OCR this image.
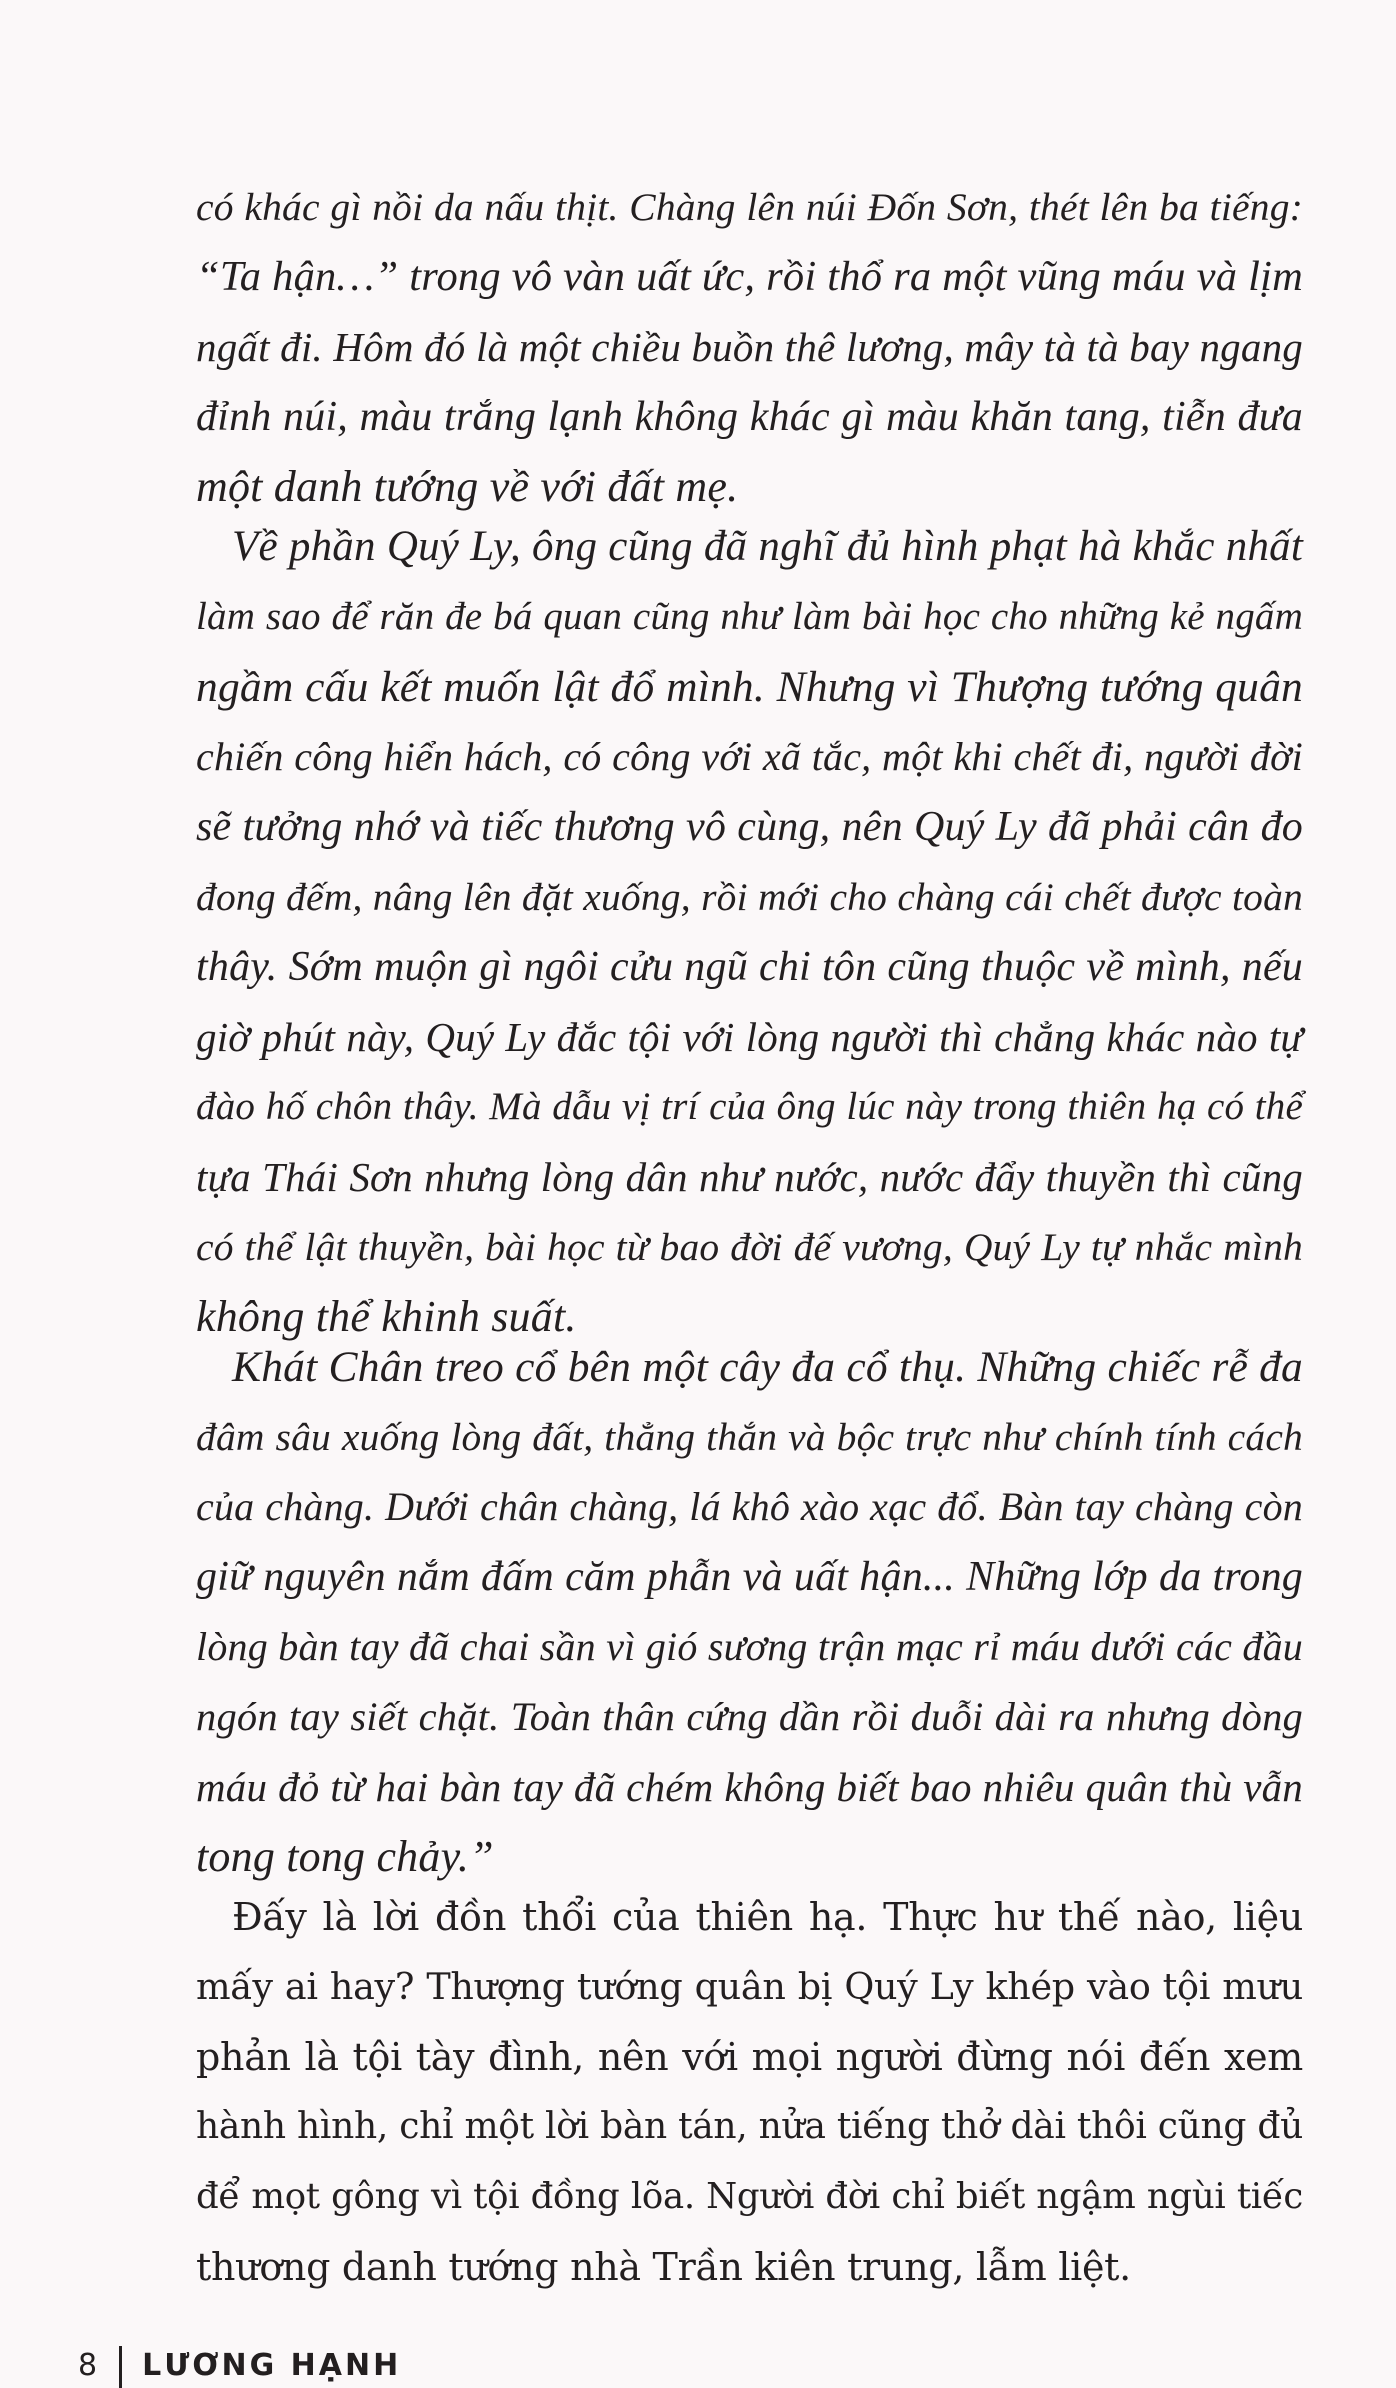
có khác gì nồi da nấu thịt. Chàng lên núi Đốn Sơn, thét lên ba tiếng:
“Ta hận…” trong vô vàn uất ức, rồi thổ ra một vũng máu và lịm
ngất đi. Hôm đó là một chiều buồn thê lương, mây tà tà bay ngang
đỉnh núi, màu trắng lạnh không khác gì màu khăn tang, tiễn đưa
một danh tướng về với đất mẹ.
Về phần Quý Ly, ông cũng đã nghĩ đủ hình phạt hà khắc nhất
làm sao để răn đe bá quan cũng như làm bài học cho những kẻ ngấm
ngầm cấu kết muốn lật đổ mình. Nhưng vì Thượng tướng quân
chiến công hiển hách, có công với xã tắc, một khi chết đi, người đời
sẽ tưởng nhớ và tiếc thương vô cùng, nên Quý Ly đã phải cân đo
đong đếm, nâng lên đặt xuống, rồi mới cho chàng cái chết được toàn
thây. Sớm muộn gì ngôi cửu ngũ chi tôn cũng thuộc về mình, nếu
giờ phút này, Quý Ly đắc tội với lòng người thì chẳng khác nào tự
đào hố chôn thây. Mà dẫu vị trí của ông lúc này trong thiên hạ có thể
tựa Thái Sơn nhưng lòng dân như nước, nước đẩy thuyền thì cũng
có thể lật thuyền, bài học từ bao đời đế vương, Quý Ly tự nhắc mình
không thể khinh suất.
Khát Chân treo cổ bên một cây đa cổ thụ. Những chiếc rễ đa
đâm sâu xuống lòng đất, thẳng thắn và bộc trực như chính tính cách
của chàng. Dưới chân chàng, lá khô xào xạc đổ. Bàn tay chàng còn
giữ nguyên nắm đấm căm phẫn và uất hận... Những lớp da trong
lòng bàn tay đã chai sần vì gió sương trận mạc rỉ máu dưới các đầu
ngón tay siết chặt. Toàn thân cứng dần rồi duỗi dài ra nhưng dòng
máu đỏ từ hai bàn tay đã chém không biết bao nhiêu quân thù vẫn
tong tong chảy.”
Đấy là lời đồn thổi của thiên hạ. Thực hư thế nào, liệu
mấy ai hay? Thượng tướng quân bị Quý Ly khép vào tội mưu
phản là tội tày đình, nên với mọi người đừng nói đến xem
hành hình, chỉ một lời bàn tán, nửa tiếng thở dài thôi cũng đủ
để mọt gông vì tội đồng lõa. Người đời chỉ biết ngậm ngùi tiếc
thương danh tướng nhà Trần kiên trung, lẫm liệt.
8 LƯƠNG HẠNH
